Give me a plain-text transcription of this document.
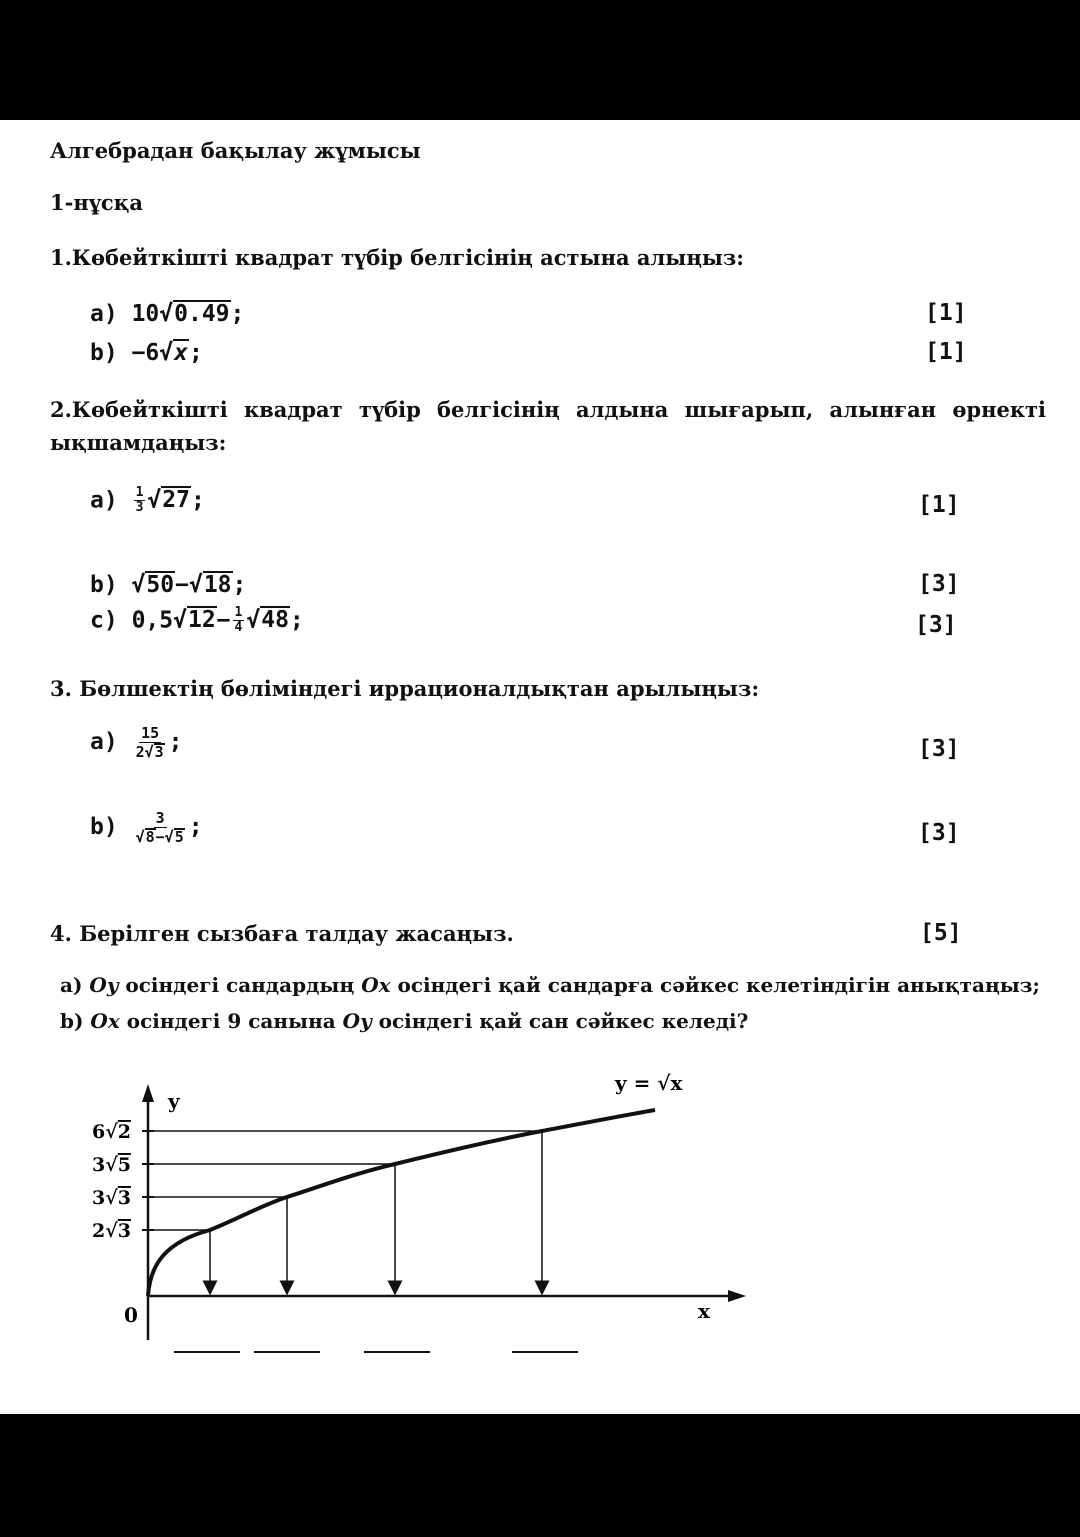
Алгебрадан бақылау жұмысы
1-нұсқа
1.Көбейткішті квадрат түбір белгісінің астына алыңыз:
a) 10√0.49;	[1]
b) −6√x;	[1]
2.Көбейткішті квадрат түбір белгісінің алдына шығарып, алынған өрнекті
ықшамдаңыз:
$a) \frac{1}{3} √27$;	[1]
b) √50−√18;	[3]
c) $0,5√12- \frac{1}{4} √48$;	[3]
3. Бөлшектің бөліміндегі иррационалдықтан арылыңыз:
$a) \frac{15}{2√3}$ ;	[3]
$b) \frac{3}{√8-√5}$ ;	[3]
4. Берілген сызбаға талдау жасаңыз.	[5]
a) Oy осіндегі сандардың Ox осіндегі қай сандарға сәйкес келетіндігін анықтаңыз;
b) Ox осіндегі 9 санына Oy осіндегі қай сан сәйкес келеді?
y
x
0
y = √x
6√2
3√5
3√3
2√3
